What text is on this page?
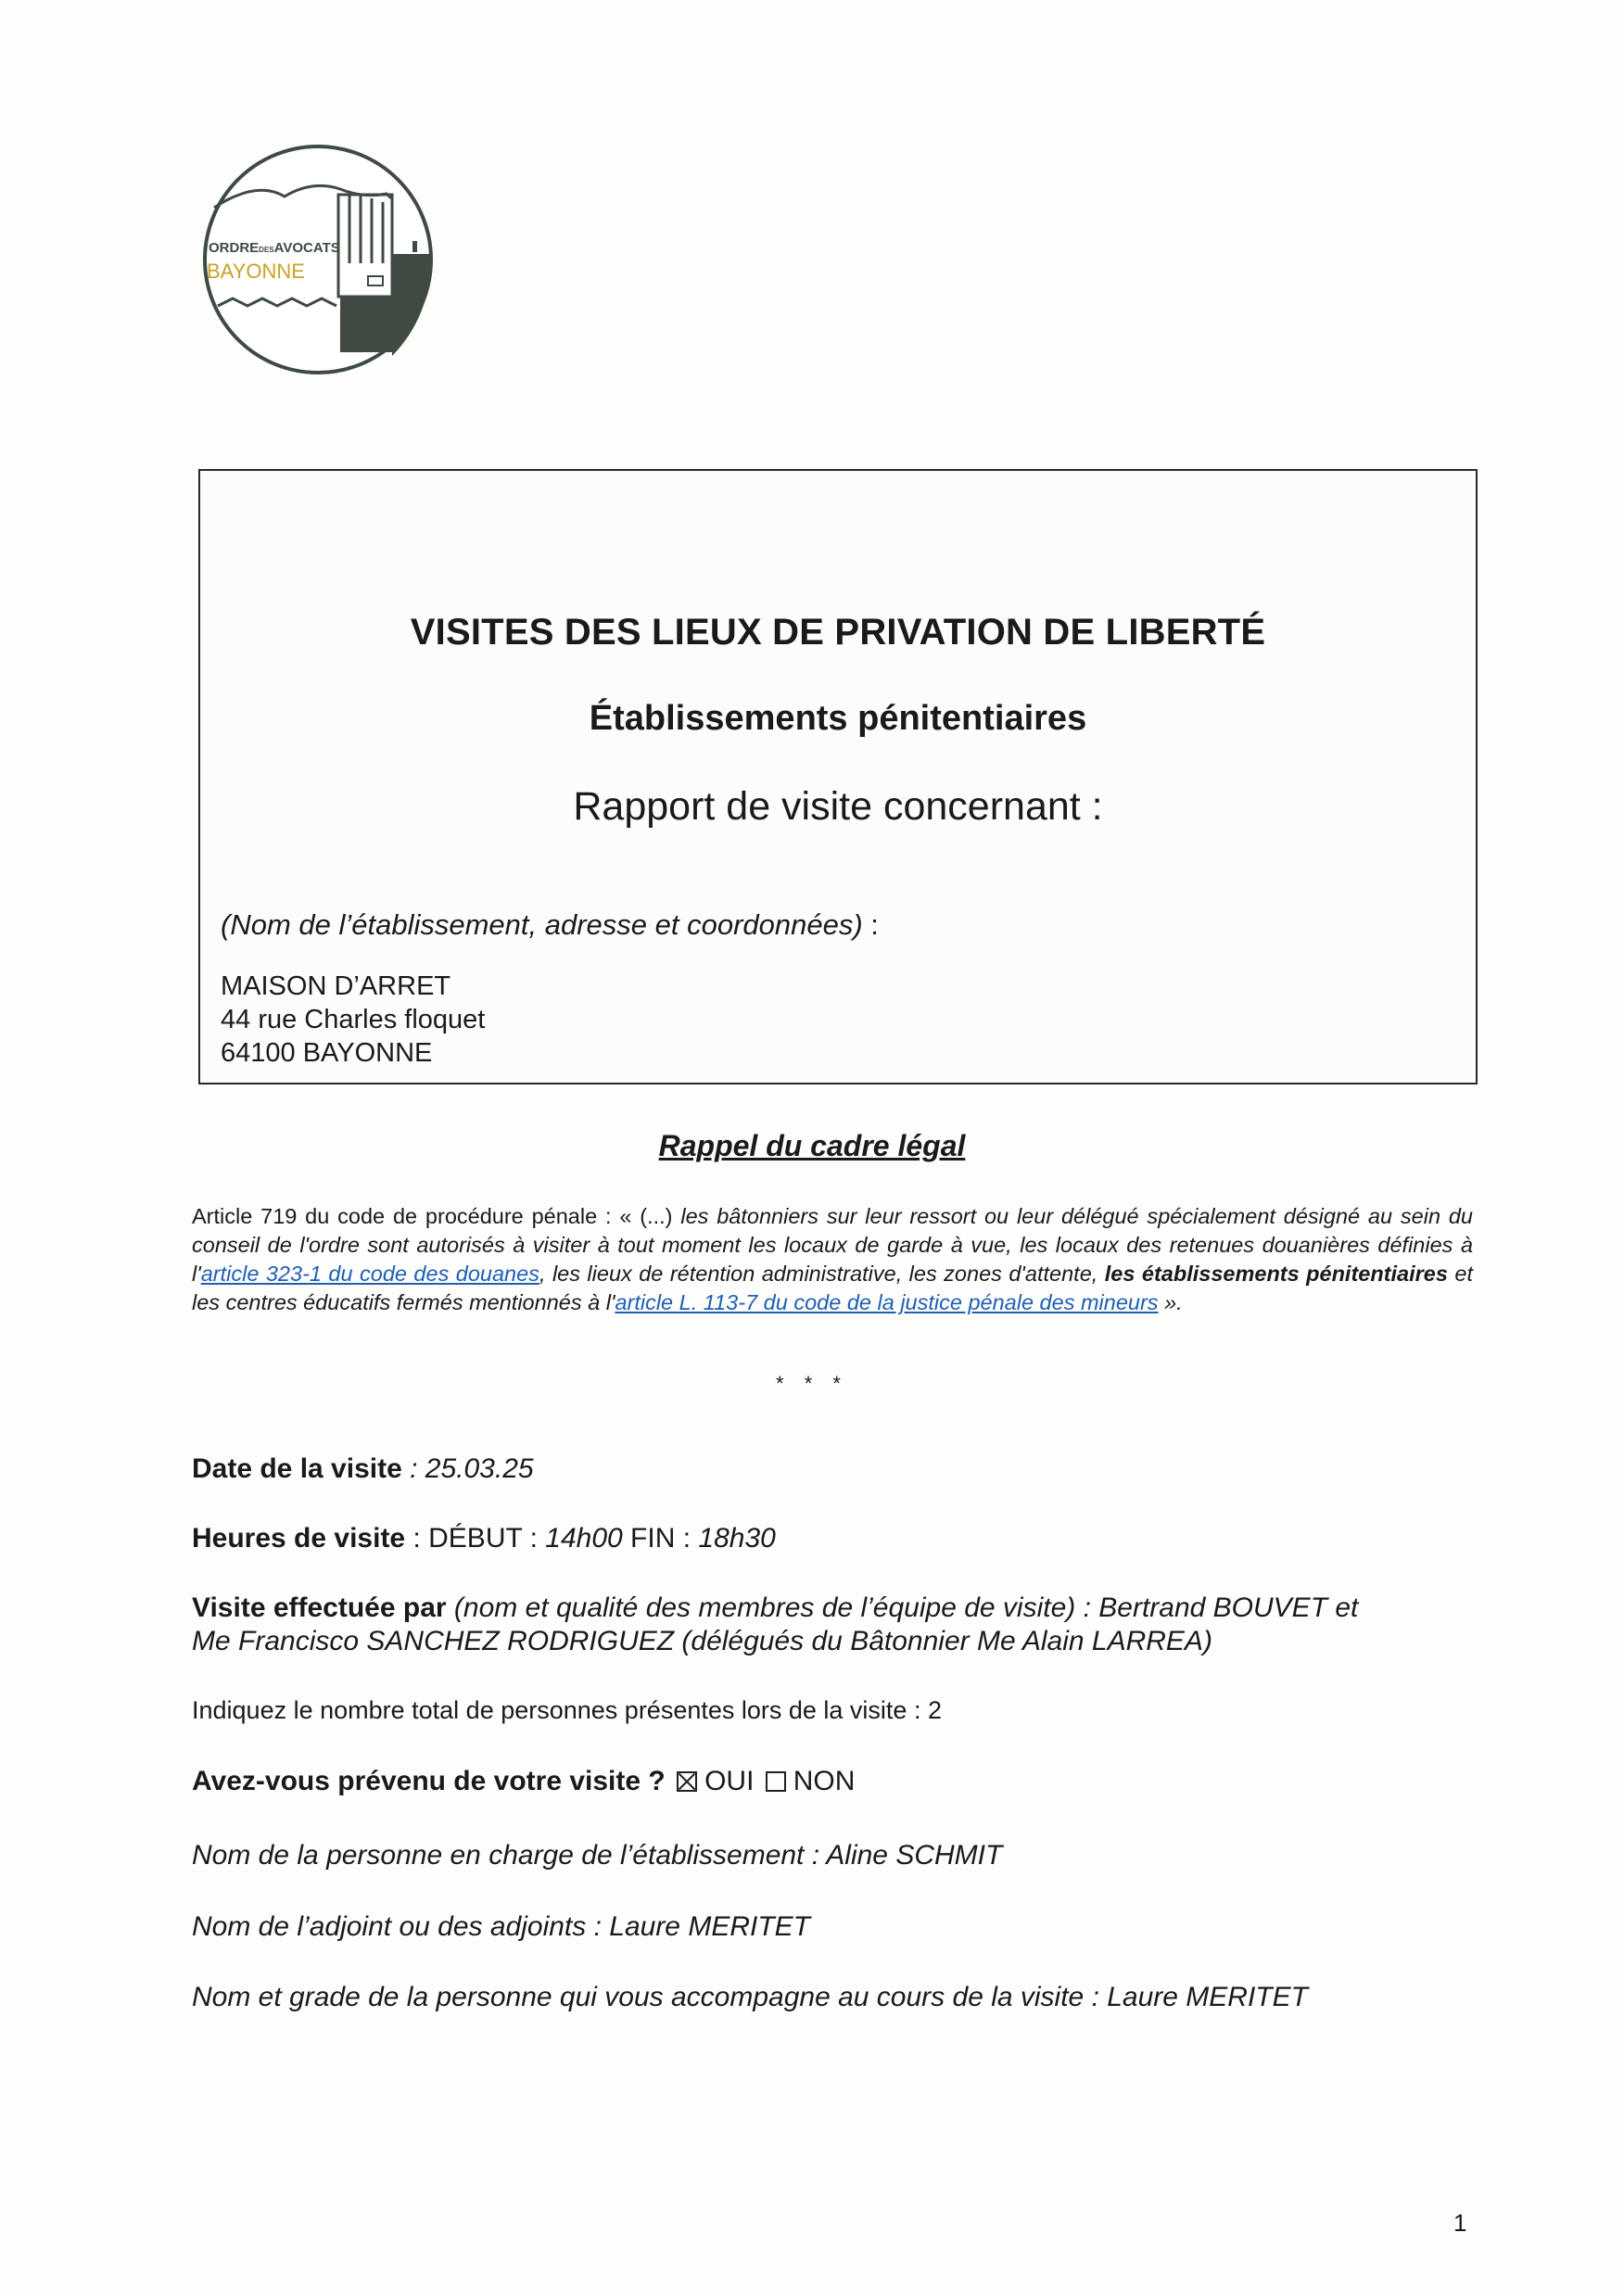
ORDREDESAVOCATS
BAYONNE
VISITES DES LIEUX DE PRIVATION DE LIBERTÉ
Établissements pénitentiaires
Rapport de visite concernant :
(Nom de l’établissement, adresse et coordonnées) :
MAISON D’ARRET
44 rue Charles floquet
64100 BAYONNE
Rappel du cadre légal
Article 719 du code de procédure pénale : « (...) les bâtonniers sur leur ressort ou leur délégué spécialement désigné au sein du conseil de l'ordre sont autorisés à visiter à tout moment les locaux de garde à vue, les locaux des retenues douanières définies à l'article 323-1 du code des douanes, les lieux de rétention administrative, les zones d'attente, les établissements pénitentiaires et les centres éducatifs fermés mentionnés à l'article L. 113-7 du code de la justice pénale des mineurs ».
* * *
Date de la visite : 25.03.25
Heures de visite : DÉBUT : 14h00 FIN : 18h30
Visite effectuée par (nom et qualité des membres de l’équipe de visite) : Bertrand BOUVET et
Me Francisco SANCHEZ RODRIGUEZ (délégués du Bâtonnier Me Alain LARREA)
Indiquez le nombre total de personnes présentes lors de la visite : 2
Avez-vous prévenu de votre visite ? OUI NON
Nom de la personne en charge de l’établissement : Aline SCHMIT
Nom de l’adjoint ou des adjoints : Laure MERITET
Nom et grade de la personne qui vous accompagne au cours de la visite : Laure MERITET
1
